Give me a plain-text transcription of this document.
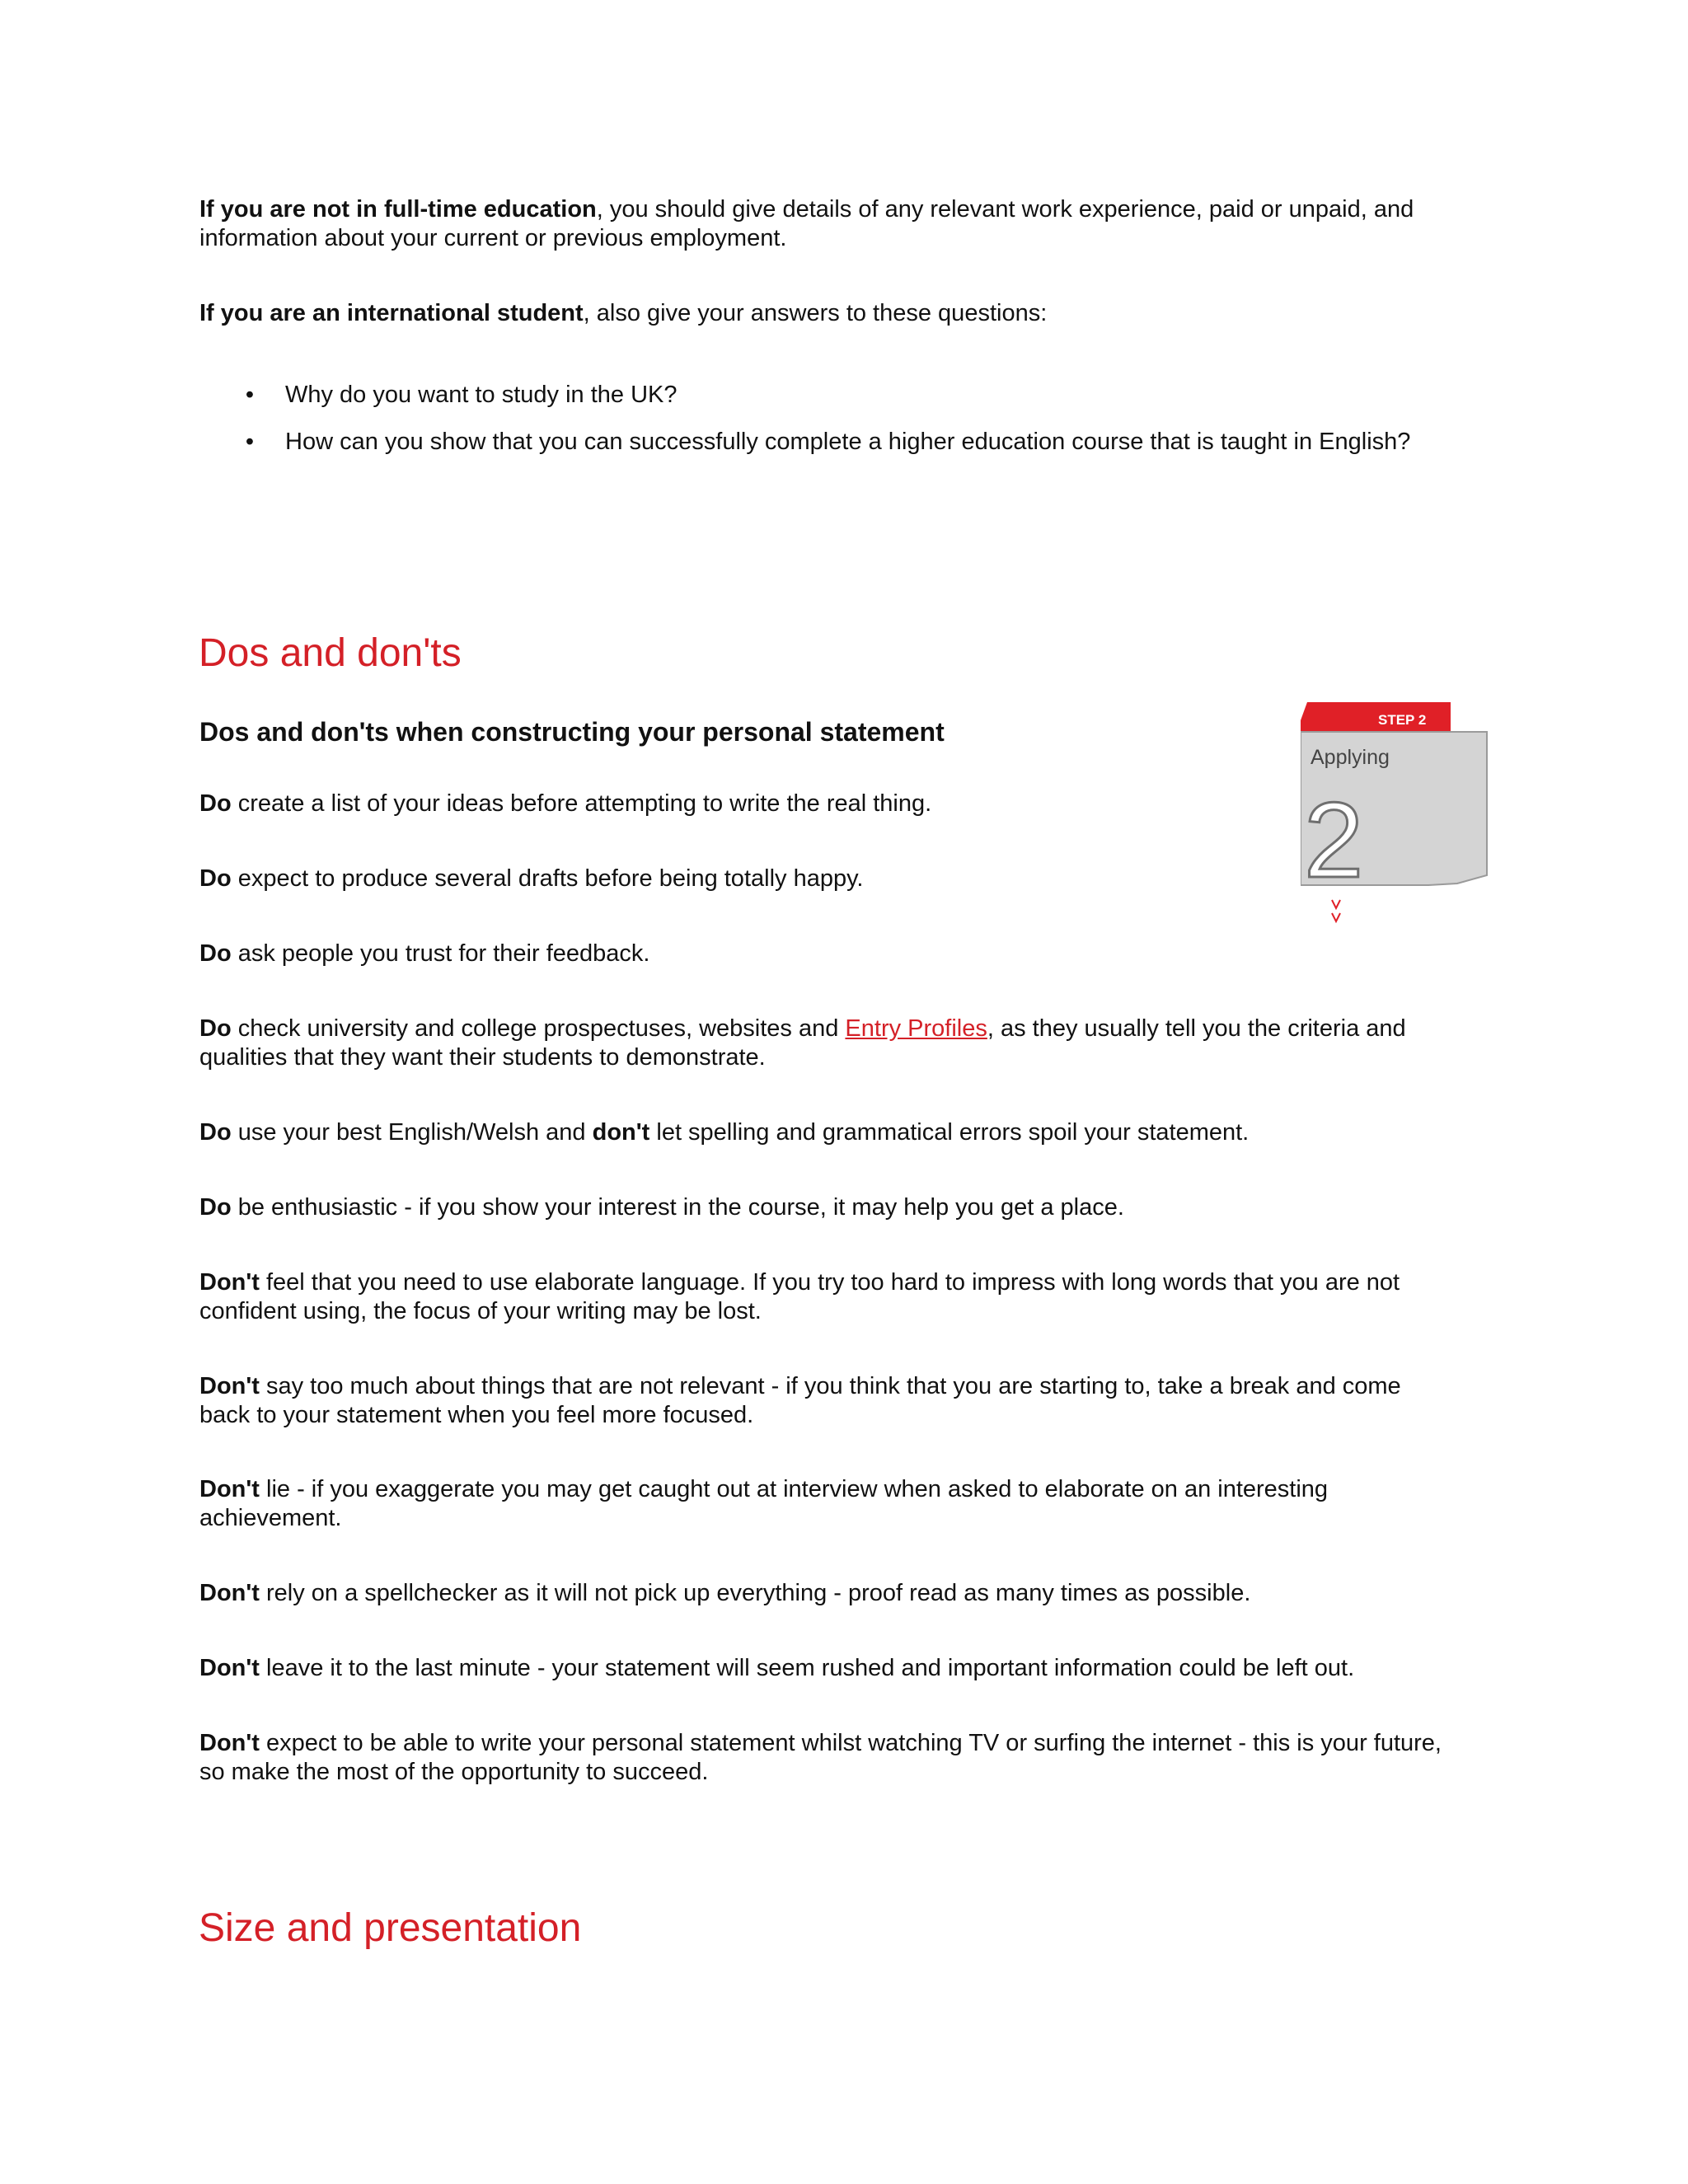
If you are not in full-time education, you should give details of any relevant work experience, paid or unpaid, and
information about your current or previous employment.

If you are an international student, also give your answers to these questions:

•	Why do you want to study in the UK?
•	How can you show that you can successfully complete a higher education course that is taught in English?
Dos and don'ts
Dos and don'ts when constructing your personal statement	STEP 2
Applying
2

Do create a list of your ideas before attempting to write the real thing.

Do expect to produce several drafts before being totally happy.

Do ask people you trust for their feedback.

Do check university and college prospectuses, websites and Entry Profiles, as they usually tell you the criteria and
qualities that they want their students to demonstrate.

Do use your best English/Welsh and don't let spelling and grammatical errors spoil your statement.

Do be enthusiastic - if you show your interest in the course, it may help you get a place.

Don't feel that you need to use elaborate language. If you try too hard to impress with long words that you are not
confident using, the focus of your writing may be lost.

Don't say too much about things that are not relevant - if you think that you are starting to, take a break and come
back to your statement when you feel more focused.

Don't lie - if you exaggerate you may get caught out at interview when asked to elaborate on an interesting
achievement.

Don't rely on a spellchecker as it will not pick up everything - proof read as many times as possible.

Don't leave it to the last minute - your statement will seem rushed and important information could be left out.

Don't expect to be able to write your personal statement whilst watching TV or surfing the internet - this is your future,
so make the most of the opportunity to succeed.

Size and presentation
